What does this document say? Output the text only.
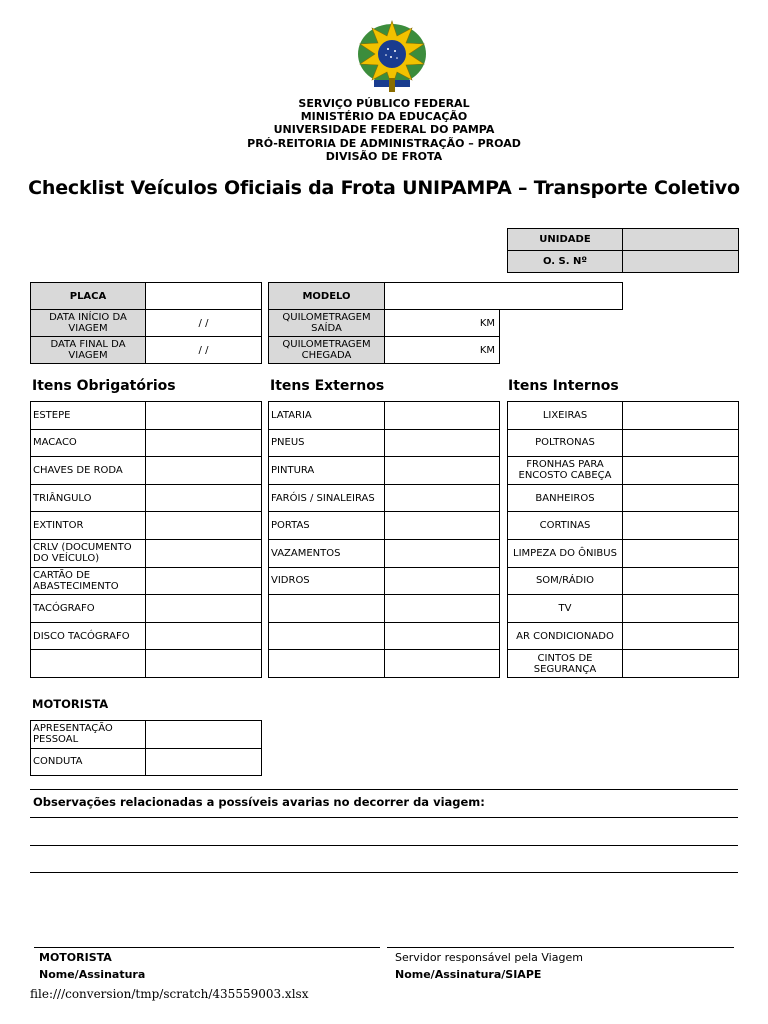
SERVIÇO PÚBLICO FEDERAL
MINISTÉRIO DA EDUCAÇÃO
UNIVERSIDADE FEDERAL DO PAMPA
PRÓ-REITORIA DE ADMINISTRAÇÃO – PROAD
DIVISÃO DE FROTA
Checklist Veículos Oficiais da Frota UNIPAMPA – Transporte Coletivo
UNIDADE	
O. S. Nº	
PLACA	
DATA INÍCIO DA VIAGEM	/ /
DATA FINAL DA VIAGEM	/ /
MODELO	
QUILOMETRAGEM SAÍDA	KM
QUILOMETRAGEM CHEGADA	KM
Itens Obrigatórios	Itens Externos	Itens Internos
ESTEPE	
MACACO	
CHAVES DE RODA	
TRIÂNGULO	
EXTINTOR	
CRLV (DOCUMENTO DO VEÍCULO)	
CARTÃO DE ABASTECIMENTO	
TACÓGRAFO	
DISCO TACÓGRAFO	

LATARIA	
PNEUS	
PINTURA	
FARÓIS / SINALEIRAS	
PORTAS	
VAZAMENTOS	
VIDROS	

LIXEIRAS	
POLTRONAS	
FRONHAS PARA ENCOSTO CABEÇA	
BANHEIROS	
CORTINAS	
LIMPEZA DO ÔNIBUS	
SOM/RÁDIO	
TV	
AR CONDICIONADO	
CINTOS DE SEGURANÇA	
MOTORISTA
APRESENTAÇÃO PESSOAL	
CONDUTA	
Observações relacionadas a possíveis avarias no decorrer da viagem:
MOTORISTA
Nome/Assinatura
Servidor responsável pela Viagem
Nome/Assinatura/SIAPE
file:///conversion/tmp/scratch/435559003.xlsx
